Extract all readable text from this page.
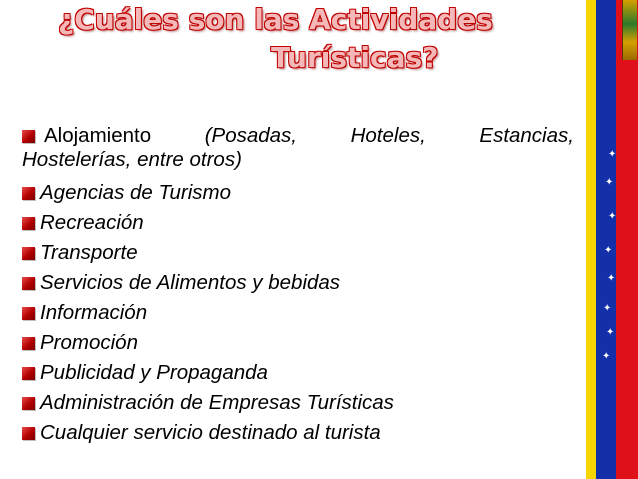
¿Cuáles son las Actividades
Turísticas?
Alojamiento	(Posadas,	Hoteles,	Estancias,
Hostelerías, entre otros)
Agencias de Turismo
Recreación
Transporte
Servicios de Alimentos y bebidas
Información
Promoción
Publicidad y Propaganda
Administración de Empresas Turísticas
Cualquier servicio destinado al turista
✦
✦
✦
✦
✦
✦
✦
✦
